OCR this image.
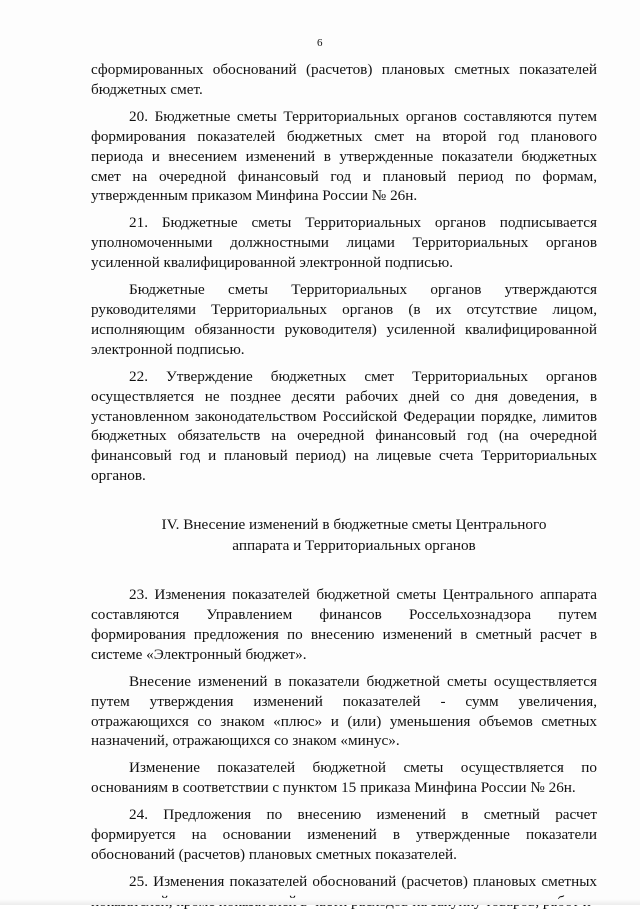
6

сформированных обоснований (расчетов) плановых сметных показателей бюджетных смет.

20. Бюджетные сметы Территориальных органов составляются путем формирования показателей бюджетных смет на второй год планового периода и внесением изменений в утвержденные показатели бюджетных смет на очередной финансовый год и плановый период по формам, утвержденным приказом Минфина России № 26н.

21. Бюджетные сметы Территориальных органов подписывается уполномоченными должностными лицами Территориальных органов усиленной квалифицированной электронной подписью.

Бюджетные сметы Территориальных органов утверждаются руководителями Территориальных органов (в их отсутствие лицом, исполняющим обязанности руководителя) усиленной квалифицированной электронной подписью.

22. Утверждение бюджетных смет Территориальных органов осуществляется не позднее десяти рабочих дней со дня доведения, в установленном законодательством Российской Федерации порядке, лимитов бюджетных обязательств на очередной финансовый год (на очередной финансовый год и плановый период) на лицевые счета Территориальных органов.

IV. Внесение изменений в бюджетные сметы Центрального аппарата и Территориальных органов

23. Изменения показателей бюджетной сметы Центрального аппарата составляются Управлением финансов Россельхознадзора путем формирования предложения по внесению изменений в сметный расчет в системе «Электронный бюджет».

Внесение изменений в показатели бюджетной сметы осуществляется путем утверждения изменений показателей - сумм увеличения, отражающихся со знаком «плюс» и (или) уменьшения объемов сметных назначений, отражающихся со знаком «минус».

Изменение показателей бюджетной сметы осуществляется по основаниям в соответствии с пунктом 15 приказа Минфина России № 26н.

24. Предложения по внесению изменений в сметный расчет формируется на основании изменений в утвержденные показатели обоснований (расчетов) плановых сметных показателей.

25. Изменения показателей обоснований (расчетов) плановых сметных
